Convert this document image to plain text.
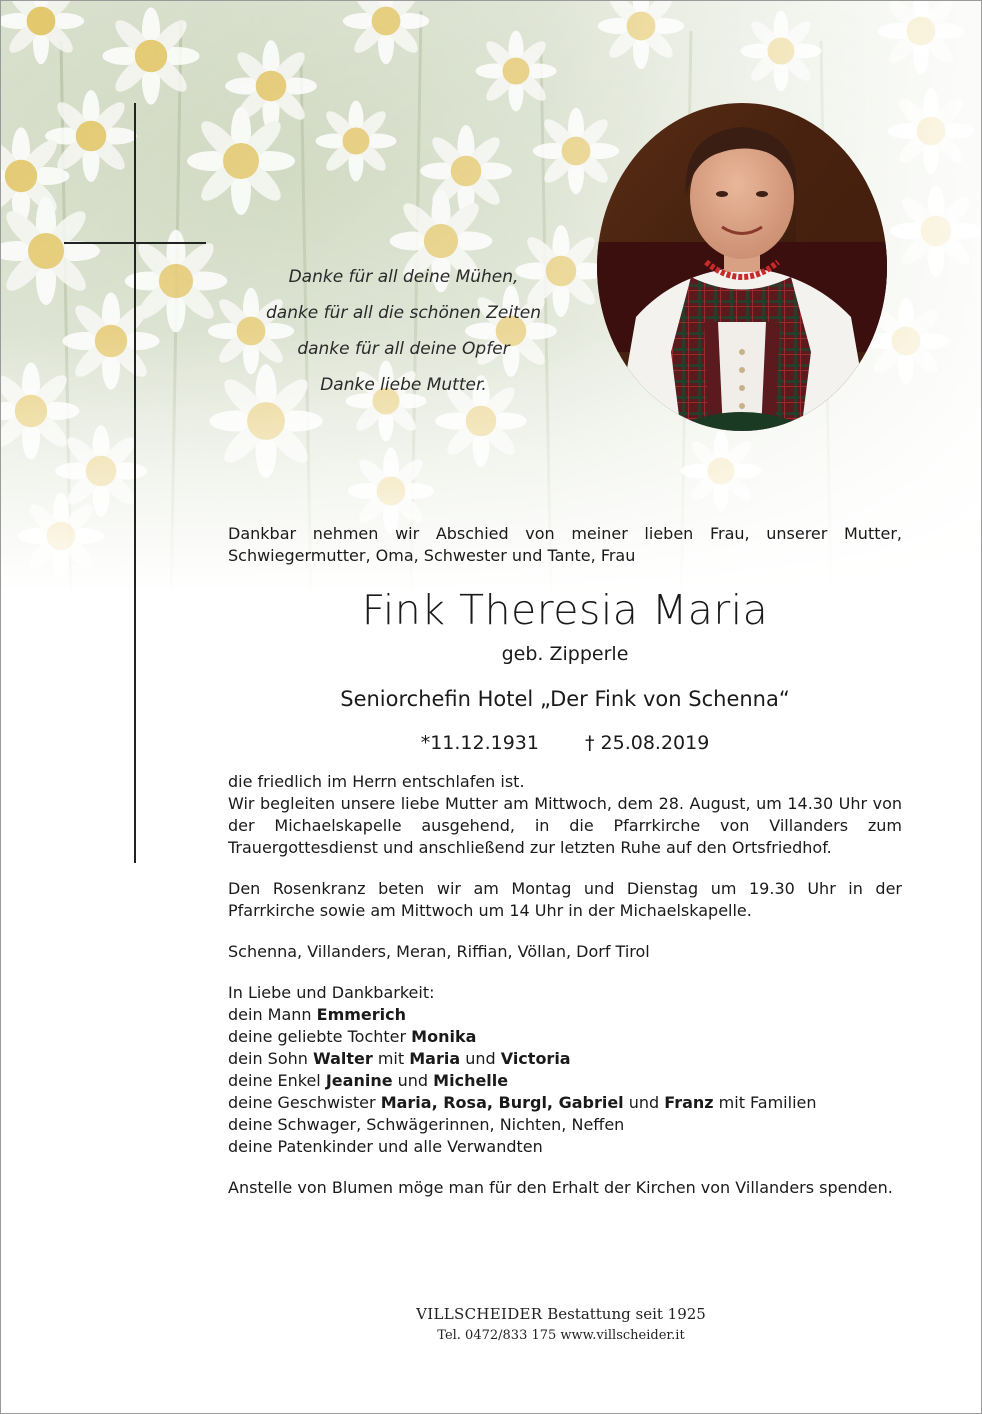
Danke für all deine Mühen,
danke für all die schönen Zeiten
danke für all deine Opfer
Danke liebe Mutter.
Dankbar nehmen wir Abschied von meiner lieben Frau, unserer Mutter, Schwiegermutter, Oma, Schwester und Tante, Frau
Fink Theresia Maria
geb. Zipperle
Seniorchefin Hotel „Der Fink von Schenna“
*11.12.1931 † 25.08.2019

die friedlich im Herrn entschlafen ist.

Wir begleiten unsere liebe Mutter am Mittwoch, dem 28. August, um 14.30 Uhr von der Michaelskapelle ausgehend, in die Pfarrkirche von Villanders zum Trauergottesdienst und anschließend zur letzten Ruhe auf den Ortsfriedhof.

Den Rosenkranz beten wir am Montag und Dienstag um 19.30 Uhr in der Pfarrkirche sowie am Mittwoch um 14 Uhr in der Michaelskapelle.

Schenna, Villanders, Meran, Riffian, Völlan, Dorf Tirol

In Liebe und Dankbarkeit:

dein Mann Emmerich
deine geliebte Tochter Monika
dein Sohn Walter mit Maria und Victoria
deine Enkel Jeanine und Michelle
deine Geschwister Maria, Rosa, Burgl, Gabriel und Franz mit Familien
deine Schwager, Schwägerinnen, Nichten, Neffen
deine Patenkinder und alle Verwandten

Anstelle von Blumen möge man für den Erhalt der Kirchen von Villanders spenden.

VILLSCHEIDER Bestattung seit 1925
Tel. 0472/833 175 www.villscheider.it
